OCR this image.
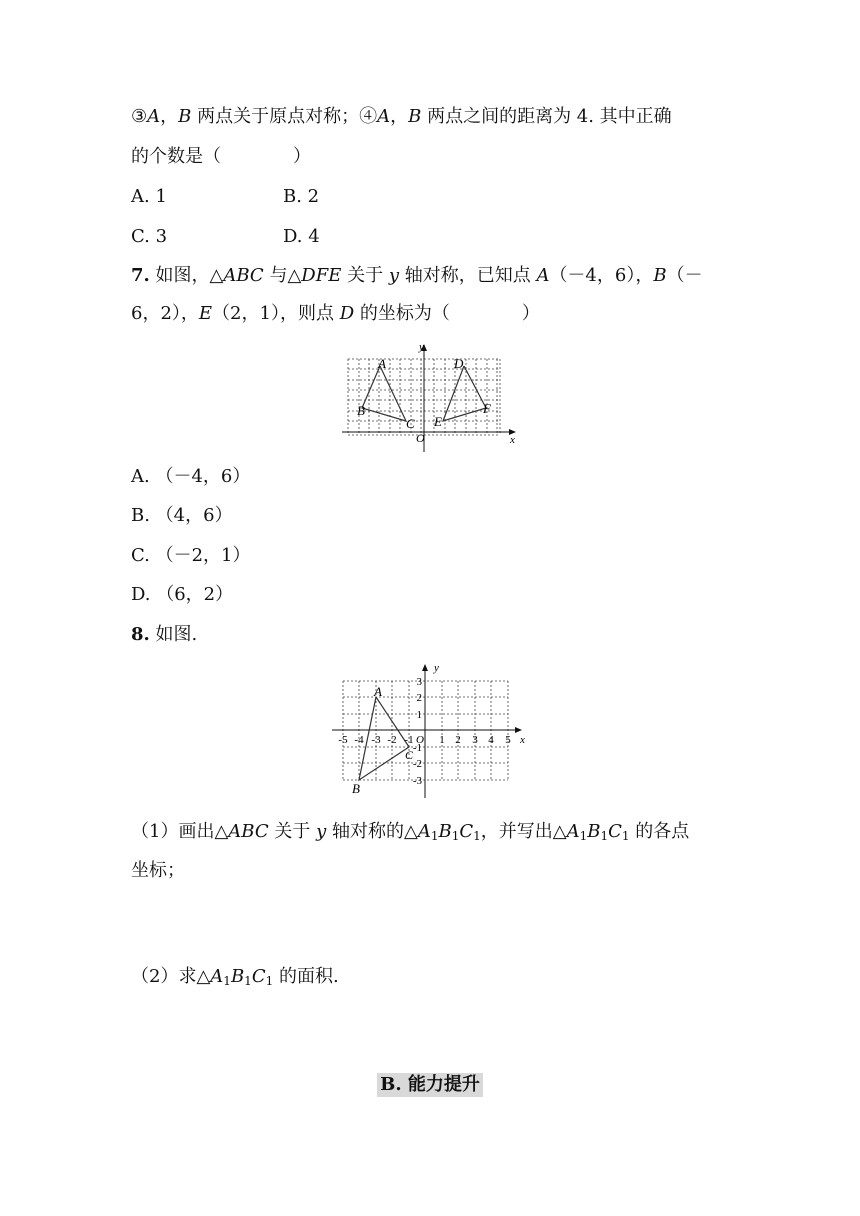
③A，B 两点关于原点对称；④A，B 两点之间的距离为 4. 其中正确
的个数是（　　　　）
A. 1	B. 2
C. 3	D. 4
7. 如图，△ABC 与△DFE 关于 y 轴对称，已知点 A（－4，6），B（－
6，2），E（2，1），则点 D 的坐标为（　　　　）
A
B
C
D
E
F
O	x
y
A. （－4，6）
B. （4，6）
C. （－2，1）
D. （6，2）
8. 如图.
A
B
C
O	x
y
-5 -4 -3 -2 -1 1 2 3 4 5
3
2
1
-1
-2
-3
（1）画出△ABC 关于 y 轴对称的$\triangle A_1B_1C_1$，并写出$\triangle A_1B_1C_1$ 的各点
坐标；
（2）求$\triangle A_1B_1C_1$ 的面积.
B. 能力提升
